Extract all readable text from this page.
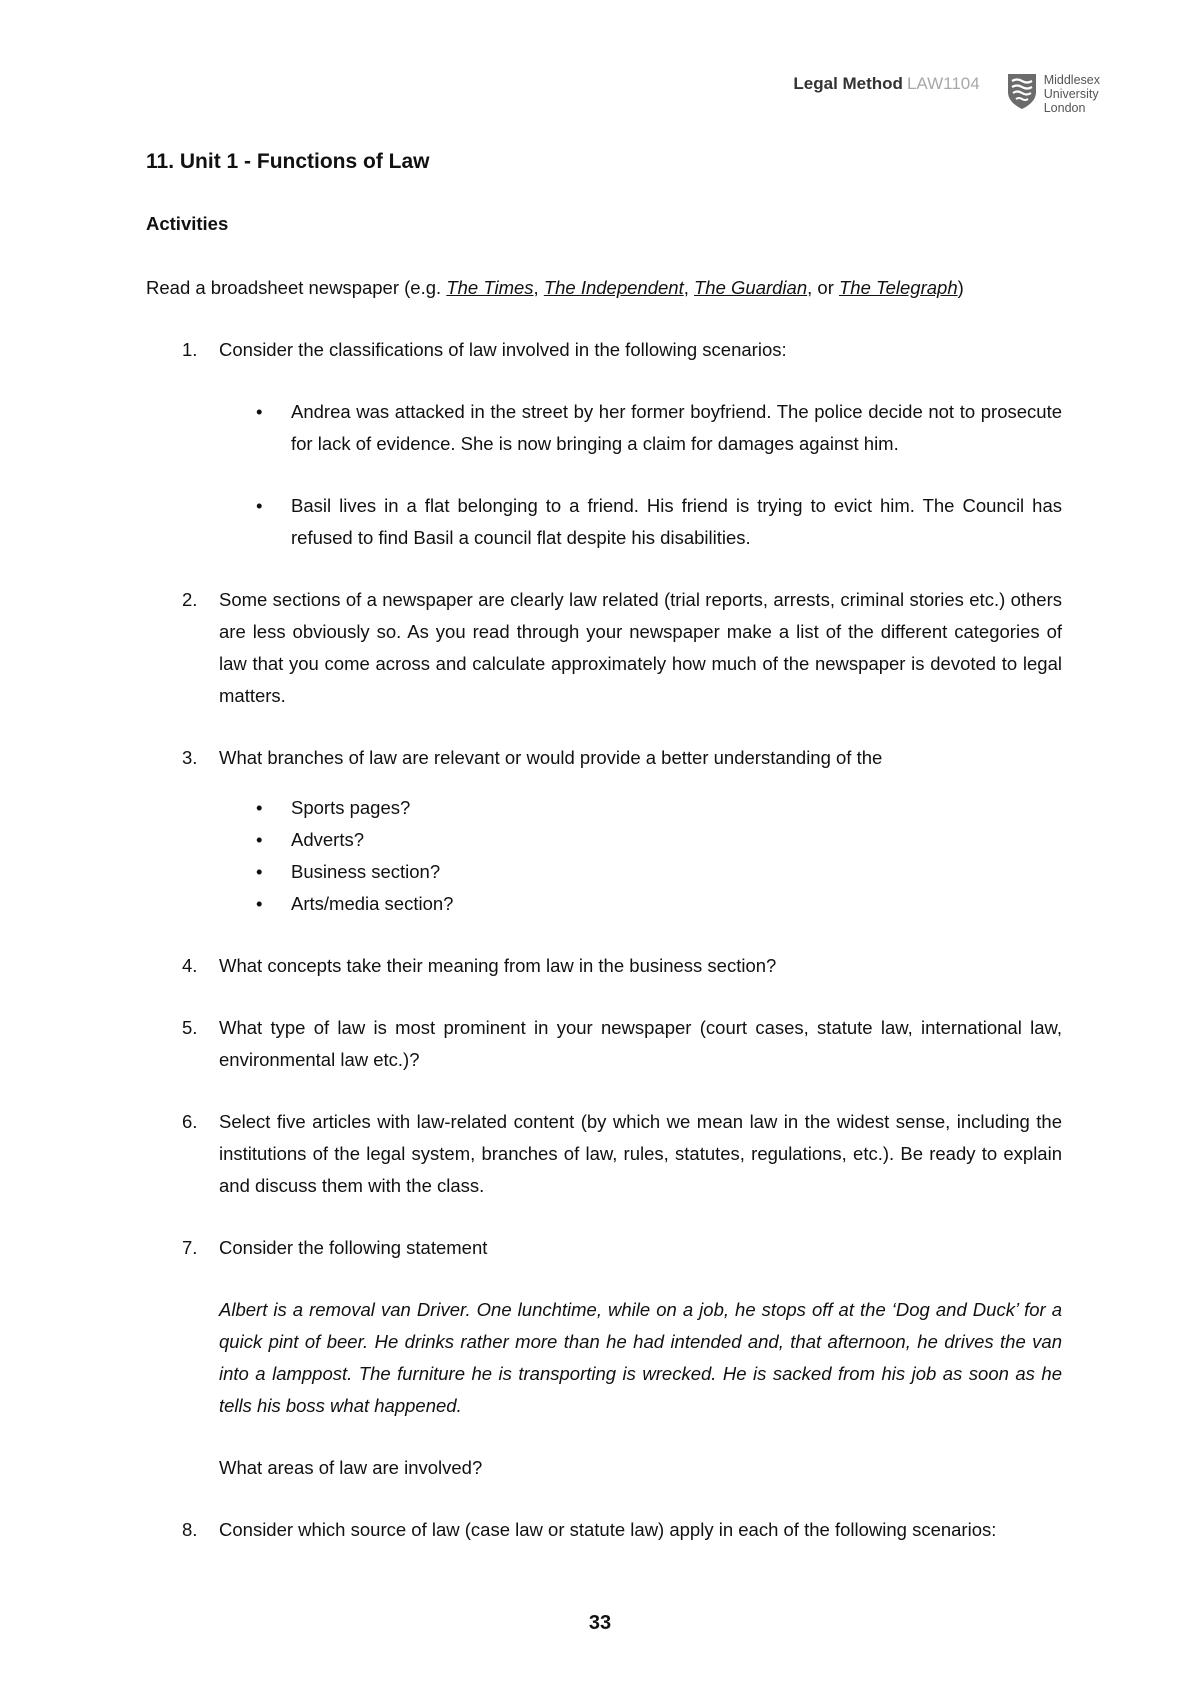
Legal Method LAW1104	Middlesex
University
London
11. Unit 1 - Functions of Law
Activities

Read a broadsheet newspaper (e.g. The Times, The Independent, The Guardian, or The Telegraph)

1. Consider the classifications of law involved in the following scenarios:

• Andrea was attacked in the street by her former boyfriend. The police decide not to prosecute for lack of evidence. She is now bringing a claim for damages against him.
• Basil lives in a flat belonging to a friend. His friend is trying to evict him. The Council has refused to find Basil a council flat despite his disabilities.
2. Some sections of a newspaper are clearly law related (trial reports, arrests, criminal stories etc.) others are less obviously so. As you read through your newspaper make a list of the different categories of law that you come across and calculate approximately how much of the newspaper is devoted to legal matters.

3. What branches of law are relevant or would provide a better understanding of the

• Sports pages?
• Adverts?
• Business section?
• Arts/media section?
4. What concepts take their meaning from law in the business section?

5. What type of law is most prominent in your newspaper (court cases, statute law, international law, environmental law etc.)?

6. Select five articles with law-related content (by which we mean law in the widest sense, including the institutions of the legal system, branches of law, rules, statutes, regulations, etc.). Be ready to explain and discuss them with the class.

7. Consider the following statement

Albert is a removal van Driver. One lunchtime, while on a job, he stops off at the ‘Dog and Duck’ for a quick pint of beer. He drinks rather more than he had intended and, that afternoon, he drives the van into a lamppost. The furniture he is transporting is wrecked. He is sacked from his job as soon as he tells his boss what happened.

What areas of law are involved?

8. Consider which source of law (case law or statute law) apply in each of the following scenarios:

33
